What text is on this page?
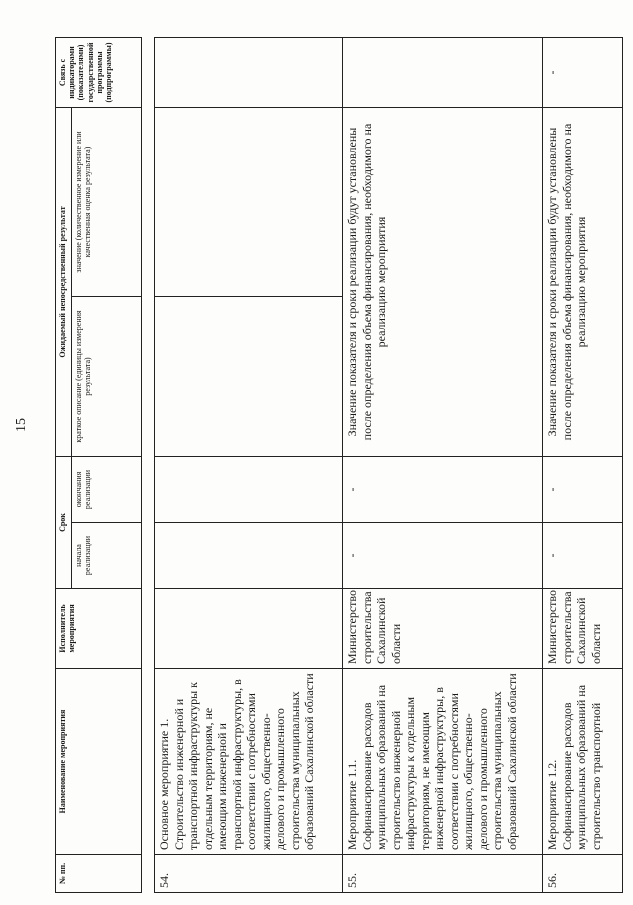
15
№ пп.	Наименование мероприятия	Исполнитель мероприятия	Срок		Ожидаемый непосредственный результат		Связь с индикаторами (показателями) государственной программы (подпрограммы)
			начала реализации	окончания реализации	краткое описание (единицы измерения результата)	значение (количественное измерение или качественная оценка результата)	
54.	Основное мероприятие 1. Строительство инженерной и транспортной инфраструктуры к отдельным территориям, не имеющим инженерной и транспортной инфраструктуры, в соответствии с потребностями жилищного, общественно-делового и промышленного строительства муниципальных образований Сахалинской области						
55.	Мероприятие 1.1. Софинансирование расходов муниципальных образований на строительство инженерной инфраструктуры к отдельным территориям, не имеющим инженерной инфраструктуры, в соответствии с потребностями жилищного, общественно-делового и промышленного строительства муниципальных образований Сахалинской области	Министерство строительства Сахалинской области	-	-	Значение показателя и сроки реализации будут установлены после определения объема финансирования, необходимого на реализацию мероприятия		
56.	Мероприятие 1.2. Софинансирование расходов муниципальных образований на строительство транспортной	Министерство строительства Сахалинской области	-	-	Значение показателя и сроки реализации будут установлены после определения объема финансирования, необходимого на реализацию мероприятия		-
